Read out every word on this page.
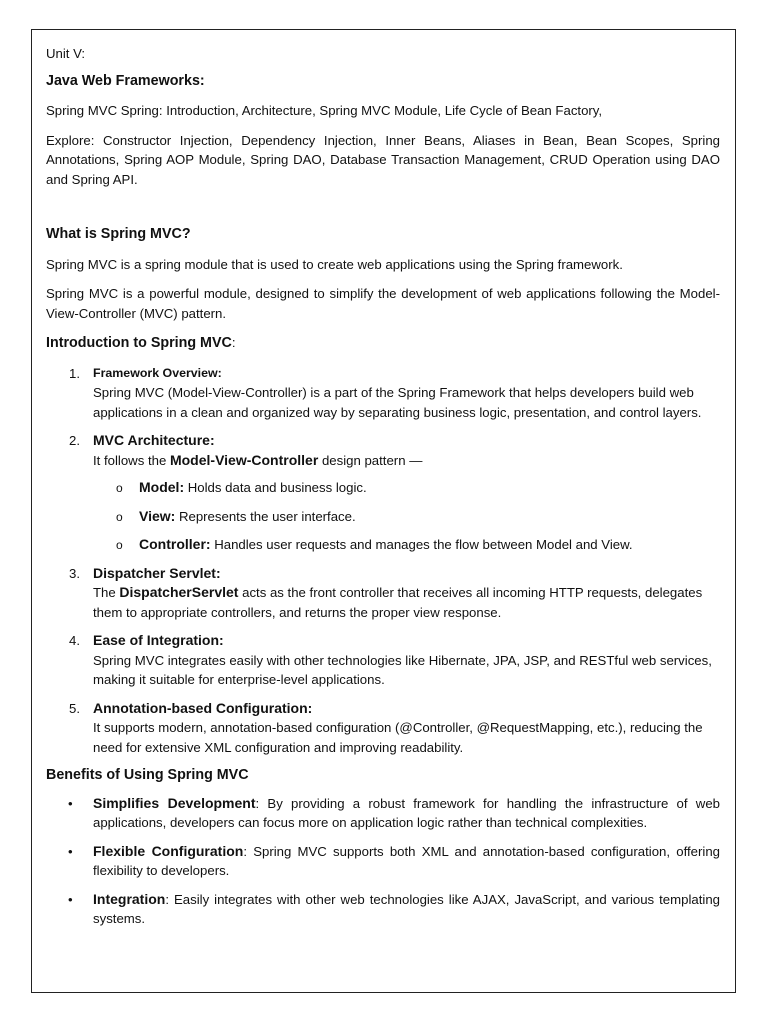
Unit V:

Java Web Frameworks:

Spring MVC Spring: Introduction, Architecture, Spring MVC Module, Life Cycle of Bean Factory,

Explore: Constructor Injection, Dependency Injection, Inner Beans, Aliases in Bean, Bean Scopes, Spring Annotations, Spring AOP Module, Spring DAO, Database Transaction Management, CRUD Operation using DAO and Spring API.

What is Spring MVC?

Spring MVC is a spring module that is used to create web applications using the Spring framework.

Spring MVC is a powerful module, designed to simplify the development of web applications following the Model-View-Controller (MVC) pattern.

Introduction to Spring MVC:

1. Framework Overview:
Spring MVC (Model-View-Controller) is a part of the Spring Framework that helps developers build web applications in a clean and organized way by separating business logic, presentation, and control layers.
2. MVC Architecture:
It follows the Model-View-Controller design pattern —
o Model: Holds data and business logic.
o View: Represents the user interface.
o Controller: Handles user requests and manages the flow between Model and View.
3. Dispatcher Servlet:
The DispatcherServlet acts as the front controller that receives all incoming HTTP requests, delegates them to appropriate controllers, and returns the proper view response.
4. Ease of Integration:
Spring MVC integrates easily with other technologies like Hibernate, JPA, JSP, and RESTful web services, making it suitable for enterprise-level applications.
5. Annotation-based Configuration:
It supports modern, annotation-based configuration (@Controller, @RequestMapping, etc.), reducing the need for extensive XML configuration and improving readability.

Benefits of Using Spring MVC

• Simplifies Development: By providing a robust framework for handling the infrastructure of web applications, developers can focus more on application logic rather than technical complexities.
• Flexible Configuration: Spring MVC supports both XML and annotation-based configuration, offering flexibility to developers.
• Integration: Easily integrates with other web technologies like AJAX, JavaScript, and various templating systems.
